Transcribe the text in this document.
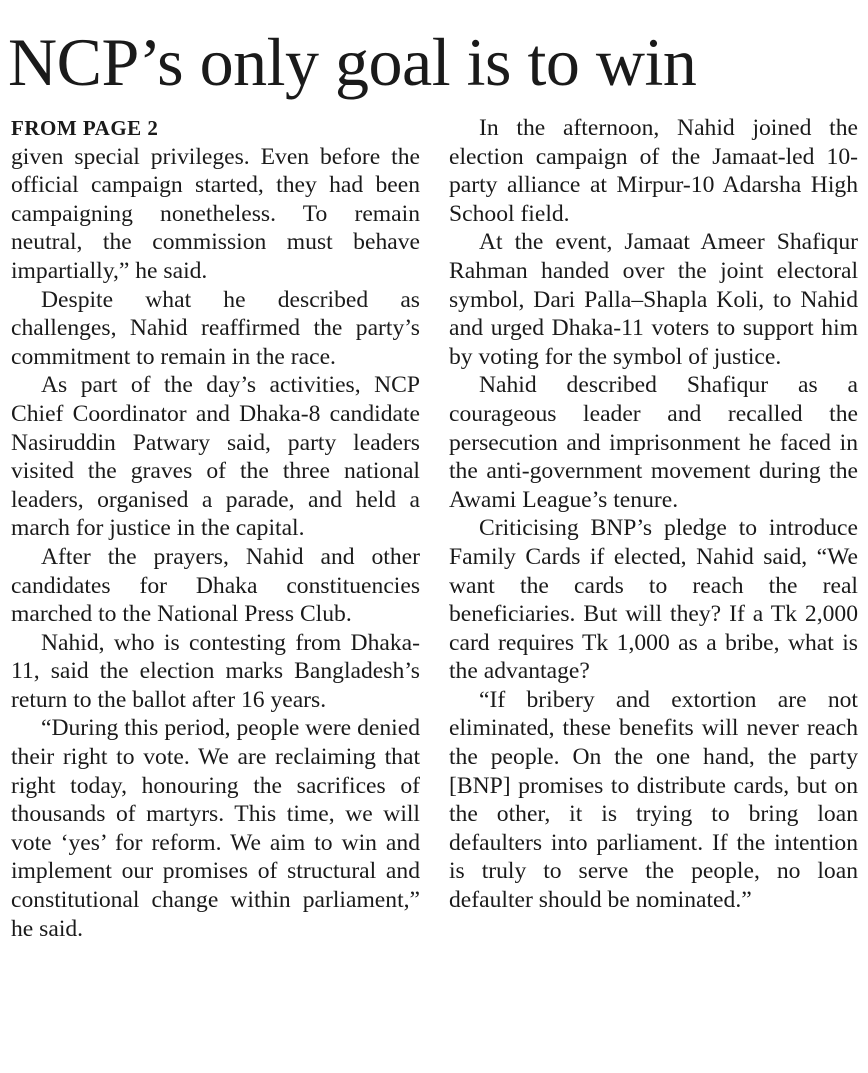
NCP’s only goal is to win
FROM PAGE 2

given special privileges. Even before the official campaign started, they had been campaigning nonetheless. To remain neutral, the commission must behave impartially,” he said.

Despite what he described as challenges, Nahid reaffirmed the party’s commitment to remain in the race.

As part of the day’s activities, NCP Chief Coordinator and Dhaka-8 candidate Nasiruddin Patwary said, party leaders visited the graves of the three national leaders, organised a parade, and held a march for justice in the capital.

After the prayers, Nahid and other candidates for Dhaka constituencies marched to the National Press Club.

Nahid, who is contesting from Dhaka-11, said the election marks Bangladesh’s return to the ballot after 16 years.

“During this period, people were denied their right to vote. We are reclaiming that right today, honouring the sacrifices of thousands of martyrs. This time, we will vote ‘yes’ for reform. We aim to win and implement our promises of structural and constitutional change within parliament,” he said.

In the afternoon, Nahid joined the election campaign of the Jamaat-led 10-party alliance at Mirpur-10 Adarsha High School field.

At the event, Jamaat Ameer Shafiqur Rahman handed over the joint electoral symbol, Dari Palla–Shapla Koli, to Nahid and urged Dhaka-11 voters to support him by voting for the symbol of justice.

Nahid described Shafiqur as a courageous leader and recalled the persecution and imprisonment he faced in the anti-government movement during the Awami League’s tenure.

Criticising BNP’s pledge to introduce Family Cards if elected, Nahid said, “We want the cards to reach the real beneficiaries. But will they? If a Tk 2,000 card requires Tk 1,000 as a bribe, what is the advantage?

“If bribery and extortion are not eliminated, these benefits will never reach the people. On the one hand, the party [BNP] promises to distribute cards, but on the other, it is trying to bring loan defaulters into parliament. If the intention is truly to serve the people, no loan defaulter should be nominated.”
